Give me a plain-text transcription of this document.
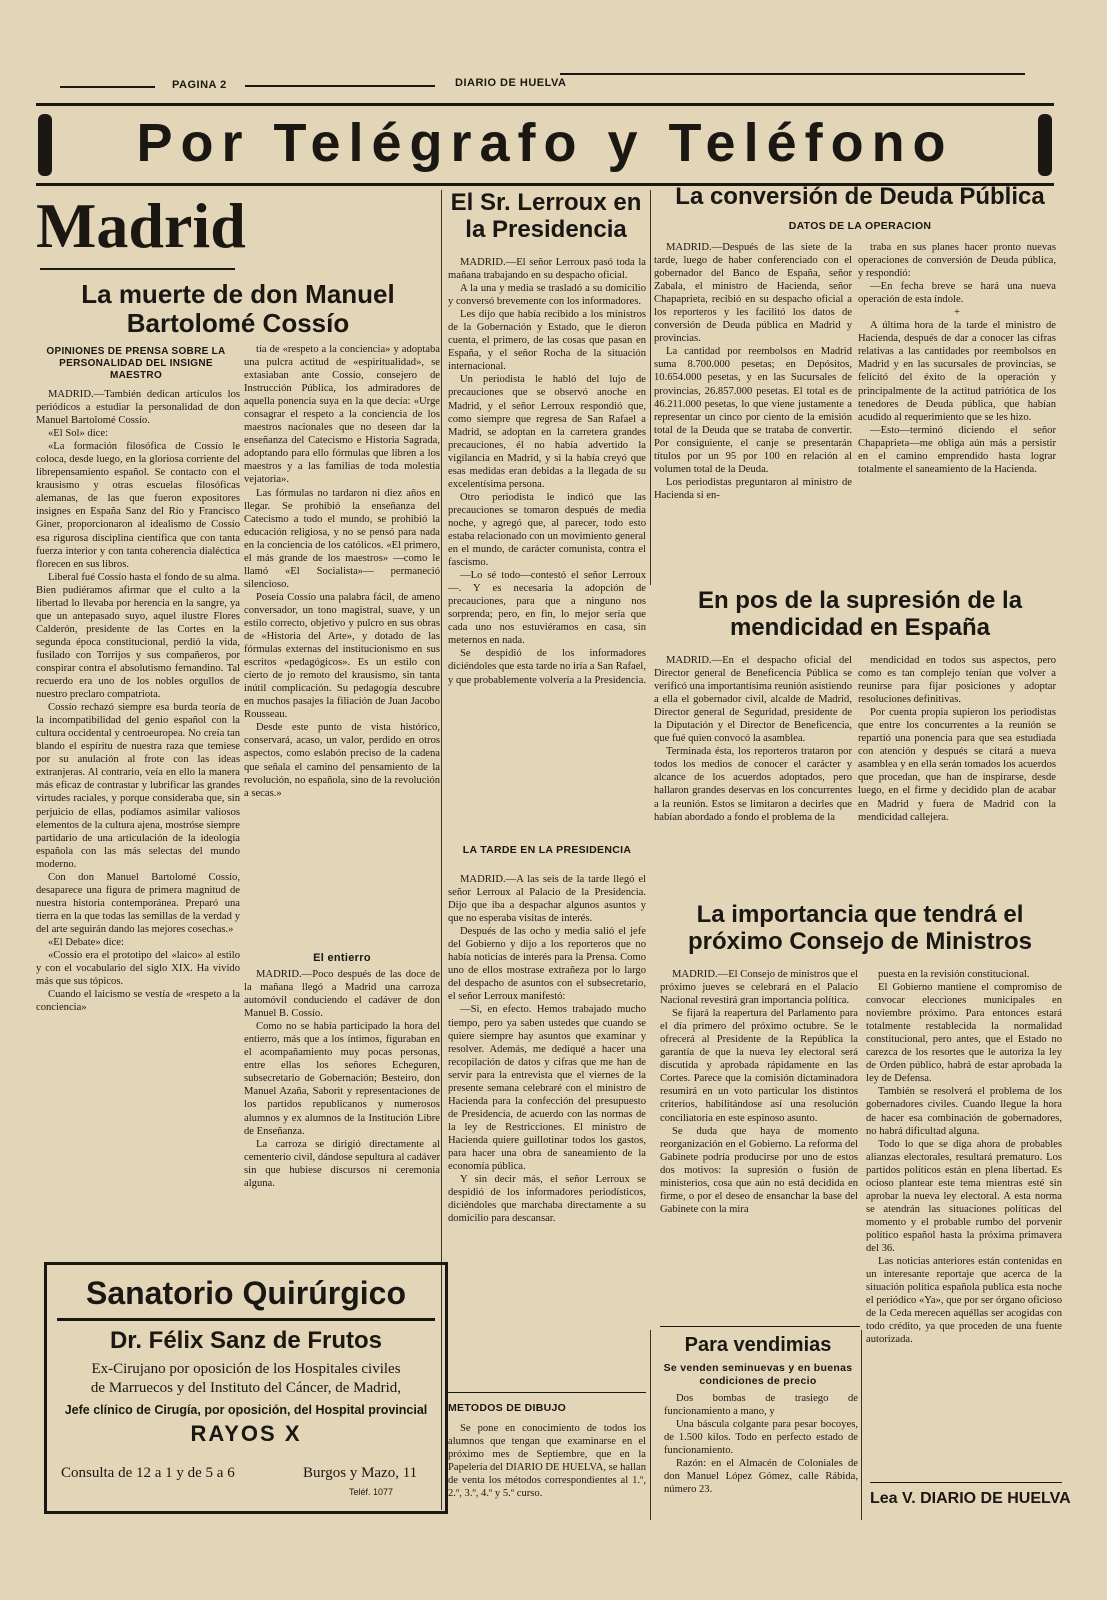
PAGINA 2	DIARIO DE HUELVA
Por Telégrafo y Teléfono
Madrid
La muerte de don Manuel Bartolomé Cossío
OPINIONES DE PRENSA SOBRE LA PERSONALIDAD DEL INSIGNE MAESTRO

MADRID.—También dedican artículos los periódicos a estudiar la personalidad de don Manuel Bartolomé Cossío.

«El Sol» dice:

«La formación filosófica de Cossío le coloca, desde luego, en la gloriosa corriente del librepensamiento español. Se contacto con el krausismo y otras escuelas filosóficas alemanas, de las que fueron expositores insignes en España Sanz del Río y Francisco Giner, proporcionaron al idealismo de Cossío esa rigurosa disciplina científica que con tanta fuerza interior y con tanta coherencia dialéctica florecen en sus libros.

Liberal fué Cossío hasta el fondo de su alma. Bien pudiéramos afirmar que el culto a la libertad lo llevaba por herencia en la sangre, ya que un antepasado suyo, aquel ilustre Flores Calderón, presidente de las Cortes en la segunda época constitucional, perdió la vida, fusilado con Torrijos y sus compañeros, por conspirar contra el absolutismo fernandino. Tal recuerdo era uno de los nobles orgullos de nuestro preclaro compatriota.

Cossío rechazó siempre esa burda teoría de la incompatibilidad del genio español con la cultura occidental y centroeuropea. No creía tan blando el espíritu de nuestra raza que temiese por su anulación al frote con las ideas extranjeras. Al contrario, veía en ello la manera más eficaz de contrastar y lubrificar las grandes virtudes raciales, y porque consideraba que, sin perjuicio de ellas, podíamos asimilar valiosos elementos de la cultura ajena, mostróse siempre partidario de una articulación de la ideología española con las más selectas del mundo moderno.

Con don Manuel Bartolomé Cossío, desaparece una figura de primera magnitud de nuestra historia contemporánea. Preparó una tierra en la que todas las semillas de la verdad y del arte seguirán dando las mejores cosechas.»

«El Debate» dice:

«Cossío era el prototipo del «laico» al estilo y con el vocabulario del siglo XIX. Ha vivido más que sus tópicos.

Cuando el laicismo se vestía de «respeto a la conciencia»

tía de «respeto a la conciencia» y adoptaba una pulcra actitud de «espiritualidad», se extasiaban ante Cossío, consejero de Instrucción Pública, los admiradores de aquella ponencia suya en la que decía: «Urge consagrar el respeto a la conciencia de los maestros nacionales que no deseen dar la enseñanza del Catecismo e Historia Sagrada, adoptando para ello fórmulas que libren a los maestros y a las familias de toda molestia vejatoria».

Las fórmulas no tardaron ni diez años en llegar. Se prohibió la enseñanza del Catecismo a todo el mundo, se prohibió la educación religiosa, y no se pensó para nada en la conciencia de los católicos. «El primero, el más grande de los maestros» —como le llamó «El Socialista»— permaneció silencioso.

Poseía Cossío una palabra fácil, de ameno conversador, un tono magistral, suave, y un estilo correcto, objetivo y pulcro en sus obras de «Historia del Arte», y dotado de las fórmulas externas del institucionismo en sus escritos «pedagógicos». Es un estilo con cierto de jo remoto del krausismo, sin tanta inútil complicación. Su pedagogía descubre en muchos pasajes la filiación de Juan Jacobo Rousseau.

Desde este punto de vista histórico, conservará, acaso, un valor, perdido en otros aspectos, como eslabón preciso de la cadena que señala el camino del pensamiento de la revolución, no española, sino de la revolución a secas.»

El entierro

MADRID.—Poco después de las doce de la mañana llegó a Madrid una carroza automóvil conduciendo el cadáver de don Manuel B. Cossío.

Como no se había participado la hora del entierro, más que a los íntimos, figuraban en el acompañamiento muy pocas personas, entre ellas los señores Echeguren, subsecretario de Gobernación; Besteiro, don Manuel Azaña, Saborit y representaciones de los partidos republicanos y numerosos alumnos y ex alumnos de la Institución Libre de Enseñanza.

La carroza se dirigió directamente al cementerio civil, dándose sepultura al cadáver sin que hubiese discursos ni ceremonia alguna.

Sanatorio Quirúrgico
Dr. Félix Sanz de Frutos
Ex-Cirujano por oposición de los Hospitales civiles
de Marruecos y del Instituto del Cáncer, de Madrid,
Jefe clínico de Cirugía, por oposición, del Hospital provincial
RAYOS X
Consulta de 12 a 1 y de 5 a 6	Burgos y Mazo, 11
Teléf. 1077
El Sr. Lerroux en la Presidencia

MADRID.—El señor Lerroux pasó toda la mañana trabajando en su despacho oficial.

A la una y media se trasladó a su domicilio y conversó brevemente con los informadores.

Les dijo que había recibido a los ministros de la Gobernación y Estado, que le dieron cuenta, el primero, de las cosas que pasan en España, y el señor Rocha de la situación internacional.

Un periodista le habló del lujo de precauciones que se observó anoche en Madrid, y el señor Lerroux respondió que, como siempre que regresa de San Rafael a Madrid, se adoptan en la carretera grandes precauciones, él no había advertido la vigilancia en Madrid, y si la había creyó que esas medidas eran debidas a la llegada de su excelentísima persona.

Otro periodista le indicó que las precauciones se tomaron después de media noche, y agregó que, al parecer, todo esto estaba relacionado con un movimiento general en el mundo, de carácter comunista, contra el fascismo.

—Lo sé todo—contestó el señor Lerroux—. Y es necesaria la adopción de precauciones, para que a ninguno nos sorprenda; pero, en fin, lo mejor sería que cada uno nos estuviéramos en casa, sin meternos en nada.

Se despidió de los informadores diciéndoles que esta tarde no iría a San Rafael, y que probablemente volvería a la Presidencia.

LA TARDE EN LA PRESIDENCIA

MADRID.—A las seis de la tarde llegó el señor Lerroux al Palacio de la Presidencia. Dijo que iba a despachar algunos asuntos y que no esperaba visitas de interés.

Después de las ocho y media salió el jefe del Gobierno y dijo a los reporteros que no había noticias de interés para la Prensa. Como uno de ellos mostrase extrañeza por lo largo del despacho de asuntos con el subsecretario, el señor Lerroux manifestó:

—Si, en efecto. Hemos trabajado mucho tiempo, pero ya saben ustedes que cuando se quiere siempre hay asuntos que examinar y resolver. Además, me dediqué a hacer una recopilación de datos y cifras que me han de servir para la entrevista que el viernes de la presente semana celebraré con el ministro de Hacienda para la confección del presupuesto de Presidencia, de acuerdo con las normas de la ley de Restricciones. El ministro de Hacienda quiere guillotinar todos los gastos, para hacer una obra de saneamiento de la economía pública.

Y sin decir más, el señor Lerroux se despidió de los informadores periodísticos, diciéndoles que marchaba directamente a su domicilio para descansar.

METODOS DE DIBUJO

Se pone en conocimiento de todos los alumnos que tengan que examinarse en el próximo mes de Septiembre, que en la Papelería del DIARIO DE HUELVA, se hallan de venta los métodos correspondientes al 1.º, 2.º, 3.º, 4.º y 5.º curso.

La conversión de Deuda Pública
DATOS DE LA OPERACION

MADRID.—Después de las siete de la tarde, luego de haber conferenciado con el gobernador del Banco de España, señor Zabala, el ministro de Hacienda, señor Chapaprieta, recibió en su despacho oficial a los reporteros y les facilitó los datos de conversión de Deuda pública en Madrid y provincias.

La cantidad por reembolsos en Madrid suma 8.700.000 pesetas; en Depósitos, 10.654.000 pesetas, y en las Sucursales de provincias, 26.857.000 pesetas. El total es de 46.211.000 pesetas, lo que viene justamente a representar un cinco por ciento de la emisión total de la Deuda que se trataba de convertir. Por consiguiente, el canje se presentarán títulos por un 95 por 100 en relación al volumen total de la Deuda.

Los periodistas preguntaron al ministro de Hacienda si en-

traba en sus planes hacer pronto nuevas operaciones de conversión de Deuda pública, y respondió:

—En fecha breve se hará una nueva operación de esta índole.

+

A última hora de la tarde el ministro de Hacienda, después de dar a conocer las cifras relativas a las cantidades por reembolsos en Madrid y en las sucursales de provincias, se felicitó del éxito de la operación y principalmente de la actitud patriótica de los tenedores de Deuda pública, que habían acudido al requerimiento que se les hizo.

—Esto—terminó diciendo el señor Chapaprieta—me obliga aún más a persistir en el camino emprendido hasta lograr totalmente el saneamiento de la Hacienda.

En pos de la supresión de la mendicidad en España

MADRID.—En el despacho oficial del Director general de Beneficencia Pública se verificó una importantísima reunión asistiendo a ella el gobernador civil, alcalde de Madrid, Director general de Seguridad, presidente de la Diputación y el Director de Beneficencia, que fué quien convocó la asamblea.

Terminada ésta, los reporteros trataron por todos los medios de conocer el carácter y alcance de los acuerdos adoptados, pero hallaron grandes deservas en los concurrentes a la reunión. Estos se limitaron a decirles que habían abordado a fondo el problema de la

mendicidad en todos sus aspectos, pero como es tan complejo tenían que volver a reunirse para fijar posiciones y adoptar resoluciones definitivas.

Por cuenta propia supieron los periodistas que entre los concurrentes a la reunión se repartió una ponencia para que sea estudiada con atención y después se citará a nueva asamblea y en ella serán tomados los acuerdos que procedan, que han de inspirarse, desde luego, en el firme y decidido plan de acabar en Madrid y fuera de Madrid con la mendicidad callejera.

La importancia que tendrá el próximo Consejo de Ministros

MADRID.—El Consejo de ministros que el próximo jueves se celebrará en el Palacio Nacional revestirá gran importancia política.

Se fijará la reapertura del Parlamento para el día primero del próximo octubre. Se le ofrecerá al Presidente de la República la garantía de que la nueva ley electoral será discutida y aprobada rápidamente en las Cortes. Parece que la comisión dictaminadora resumirá en un voto particular los distintos criterios, habilitándose así una resolución conciliatoria en este espinoso asunto.

Se duda que haya de momento reorganización en el Gobierno. La reforma del Gabinete podría producirse por uno de estos dos motivos: la supresión o fusión de ministerios, cosa que aún no está decidida en firme, o por el deseo de ensanchar la base del Gabinete con la mira

puesta en la revisión constitucional.

El Gobierno mantiene el compromiso de convocar elecciones municipales en noviembre próximo. Para entonces estará totalmente restablecida la normalidad constitucional, pero antes, que el Estado no carezca de los resortes que le autoriza la ley de Orden público, habrá de estar aprobada la ley de Defensa.

También se resolverá el problema de los gobernadores civiles. Cuando llegue la hora de hacer esa combinación de gobernadores, no habrá dificultad alguna.

Todo lo que se diga ahora de probables alianzas electorales, resultará prematuro. Los partidos políticos están en plena libertad. Es ocioso plantear este tema mientras esté sin aprobar la nueva ley electoral. A esta norma se atendrán las situaciones políticas del momento y el probable rumbo del porvenir político español hasta la próxima primavera del 36.

Las noticias anteriores están contenidas en un interesante reportaje que acerca de la situación política española publica esta noche el periódico «Ya», que por ser órgano oficioso de la Ceda merecen aquéllas ser acogidas con todo crédito, ya que proceden de una fuente autorizada.

Para vendimias
Se venden seminuevas y en buenas condiciones de precio

Dos bombas de trasiego de funcionamiento a mano, y

Una báscula colgante para pesar bocoyes, de 1.500 kilos. Todo en perfecto estado de funcionamiento.

Razón: en el Almacén de Coloniales de don Manuel López Gómez, calle Rábida, número 23.

Lea V. DIARIO DE HUELVA
